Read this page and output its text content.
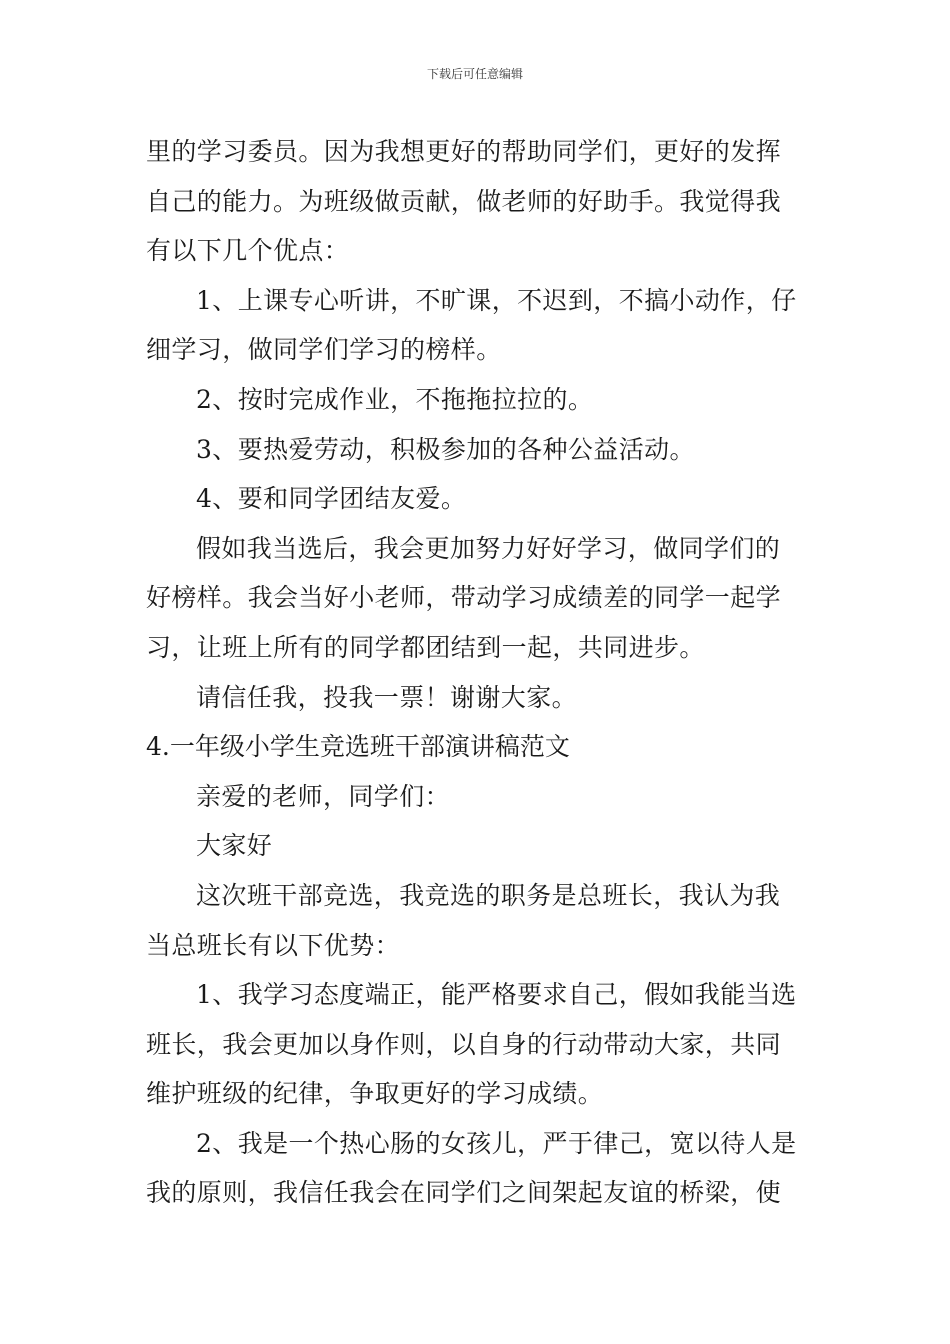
下载后可任意编辑
里的学习委员。因为我想更好的帮助同学们，更好的发挥
自己的能力。为班级做贡献，做老师的好助手。我觉得我
有以下几个优点：
1、上课专心听讲，不旷课，不迟到，不搞小动作，仔
细学习，做同学们学习的榜样。
2、按时完成作业，不拖拖拉拉的。
3、要热爱劳动，积极参加的各种公益活动。
4、要和同学团结友爱。
假如我当选后，我会更加努力好好学习，做同学们的
好榜样。我会当好小老师，带动学习成绩差的同学一起学
习，让班上所有的同学都团结到一起，共同进步。
请信任我，投我一票！谢谢大家。
4.一年级小学生竞选班干部演讲稿范文
亲爱的老师，同学们：
大家好
这次班干部竞选，我竞选的职务是总班长，我认为我
当总班长有以下优势：
1、我学习态度端正，能严格要求自己，假如我能当选
班长，我会更加以身作则，以自身的行动带动大家，共同
维护班级的纪律，争取更好的学习成绩。
2、我是一个热心肠的女孩儿，严于律己，宽以待人是
我的原则，我信任我会在同学们之间架起友谊的桥梁，使
